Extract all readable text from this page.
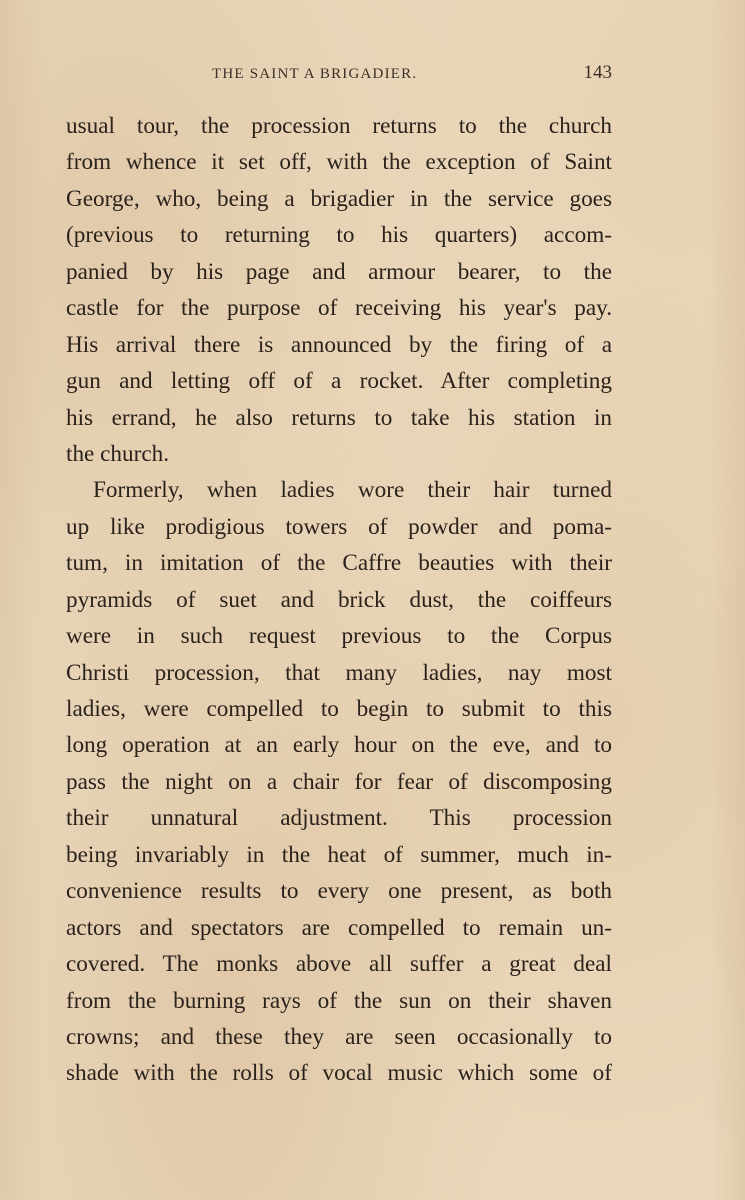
THE SAINT A BRIGADIER.	143
usual tour, the procession returns to the church
from whence it set off, with the exception of Saint
George, who, being a brigadier in the service goes
(previous to returning to his quarters) accom-
panied by his page and armour bearer, to the
castle for the purpose of receiving his year's pay.
His arrival there is announced by the firing of a
gun and letting off of a rocket. After completing
his errand, he also returns to take his station in
the church.
Formerly, when ladies wore their hair turned
up like prodigious towers of powder and poma-
tum, in imitation of the Caffre beauties with their
pyramids of suet and brick dust, the coiffeurs
were in such request previous to the Corpus
Christi procession, that many ladies, nay most
ladies, were compelled to begin to submit to this
long operation at an early hour on the eve, and to
pass the night on a chair for fear of discomposing
their unnatural adjustment. This procession
being invariably in the heat of summer, much in-
convenience results to every one present, as both
actors and spectators are compelled to remain un-
covered. The monks above all suffer a great deal
from the burning rays of the sun on their shaven
crowns; and these they are seen occasionally to
shade with the rolls of vocal music which some of
